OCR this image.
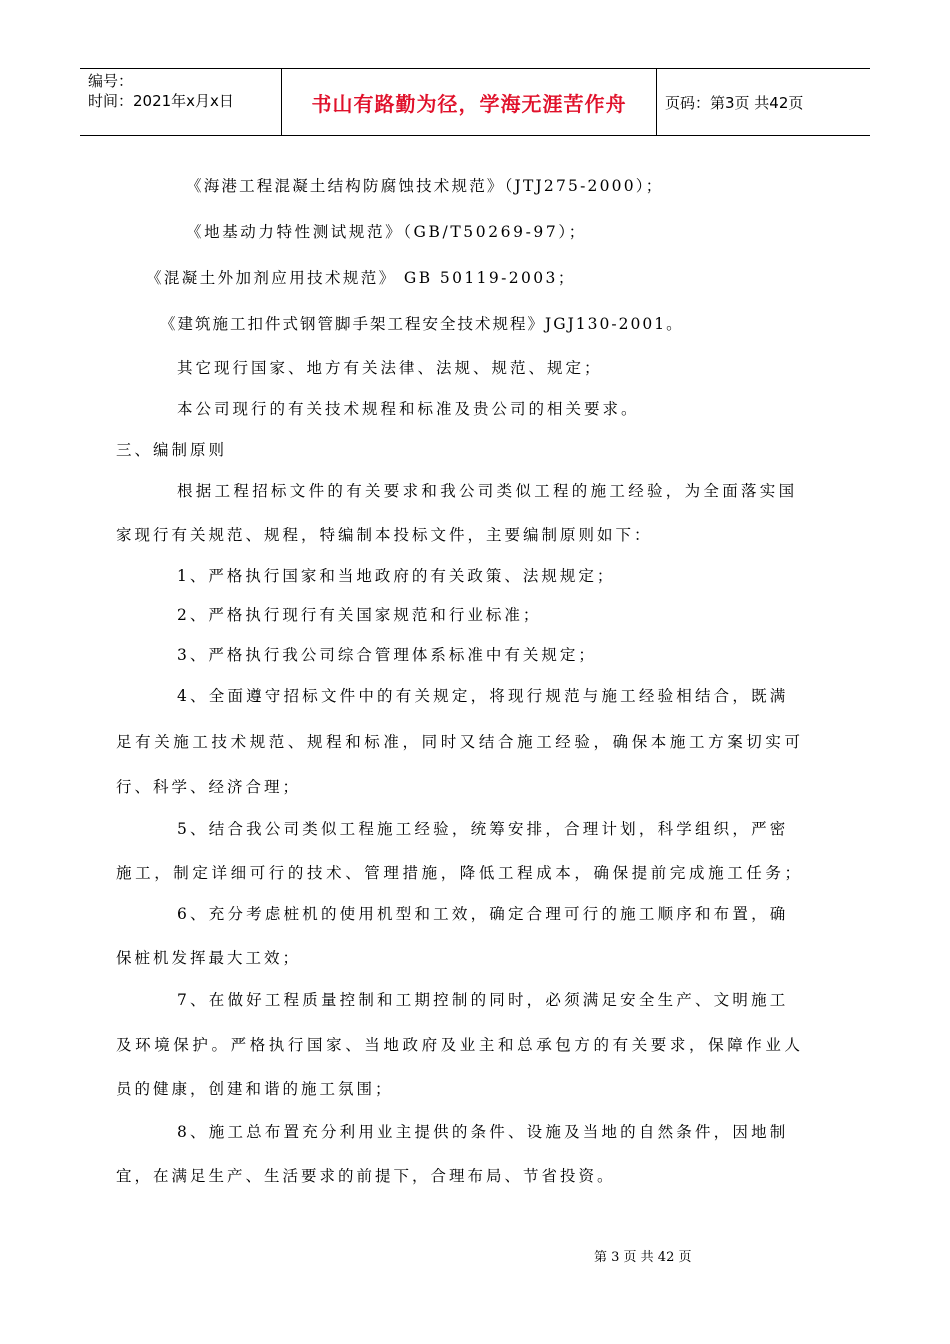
编号：
时间：2021年x月x日	书山有路勤为径，学海无涯苦作舟	页码：第3页 共42页
《海港工程混凝土结构防腐蚀技术规范》（JTJ275-2000）；
《地基动力特性测试规范》（GB/T50269-97）；
《混凝土外加剂应用技术规范》 GB 50119-2003；
《建筑施工扣件式钢管脚手架工程安全技术规程》JGJ130-2001。
其它现行国家、地方有关法律、法规、规范、规定；
本公司现行的有关技术规程和标准及贵公司的相关要求。
三、编制原则
根据工程招标文件的有关要求和我公司类似工程的施工经验，为全面落实国
家现行有关规范、规程，特编制本投标文件，主要编制原则如下：
1、严格执行国家和当地政府的有关政策、法规规定；
2、严格执行现行有关国家规范和行业标准；
3、严格执行我公司综合管理体系标准中有关规定；
4、全面遵守招标文件中的有关规定，将现行规范与施工经验相结合，既满
足有关施工技术规范、规程和标准，同时又结合施工经验，确保本施工方案切实可
行、科学、经济合理；
5、结合我公司类似工程施工经验，统筹安排，合理计划，科学组织，严密
施工，制定详细可行的技术、管理措施，降低工程成本，确保提前完成施工任务；
6、充分考虑桩机的使用机型和工效，确定合理可行的施工顺序和布置，确
保桩机发挥最大工效；
7、在做好工程质量控制和工期控制的同时，必须满足安全生产、文明施工
及环境保护。严格执行国家、当地政府及业主和总承包方的有关要求，保障作业人
员的健康，创建和谐的施工氛围；
8、施工总布置充分利用业主提供的条件、设施及当地的自然条件，因地制
宜，在满足生产、生活要求的前提下，合理布局、节省投资。
第 3 页 共 42 页
